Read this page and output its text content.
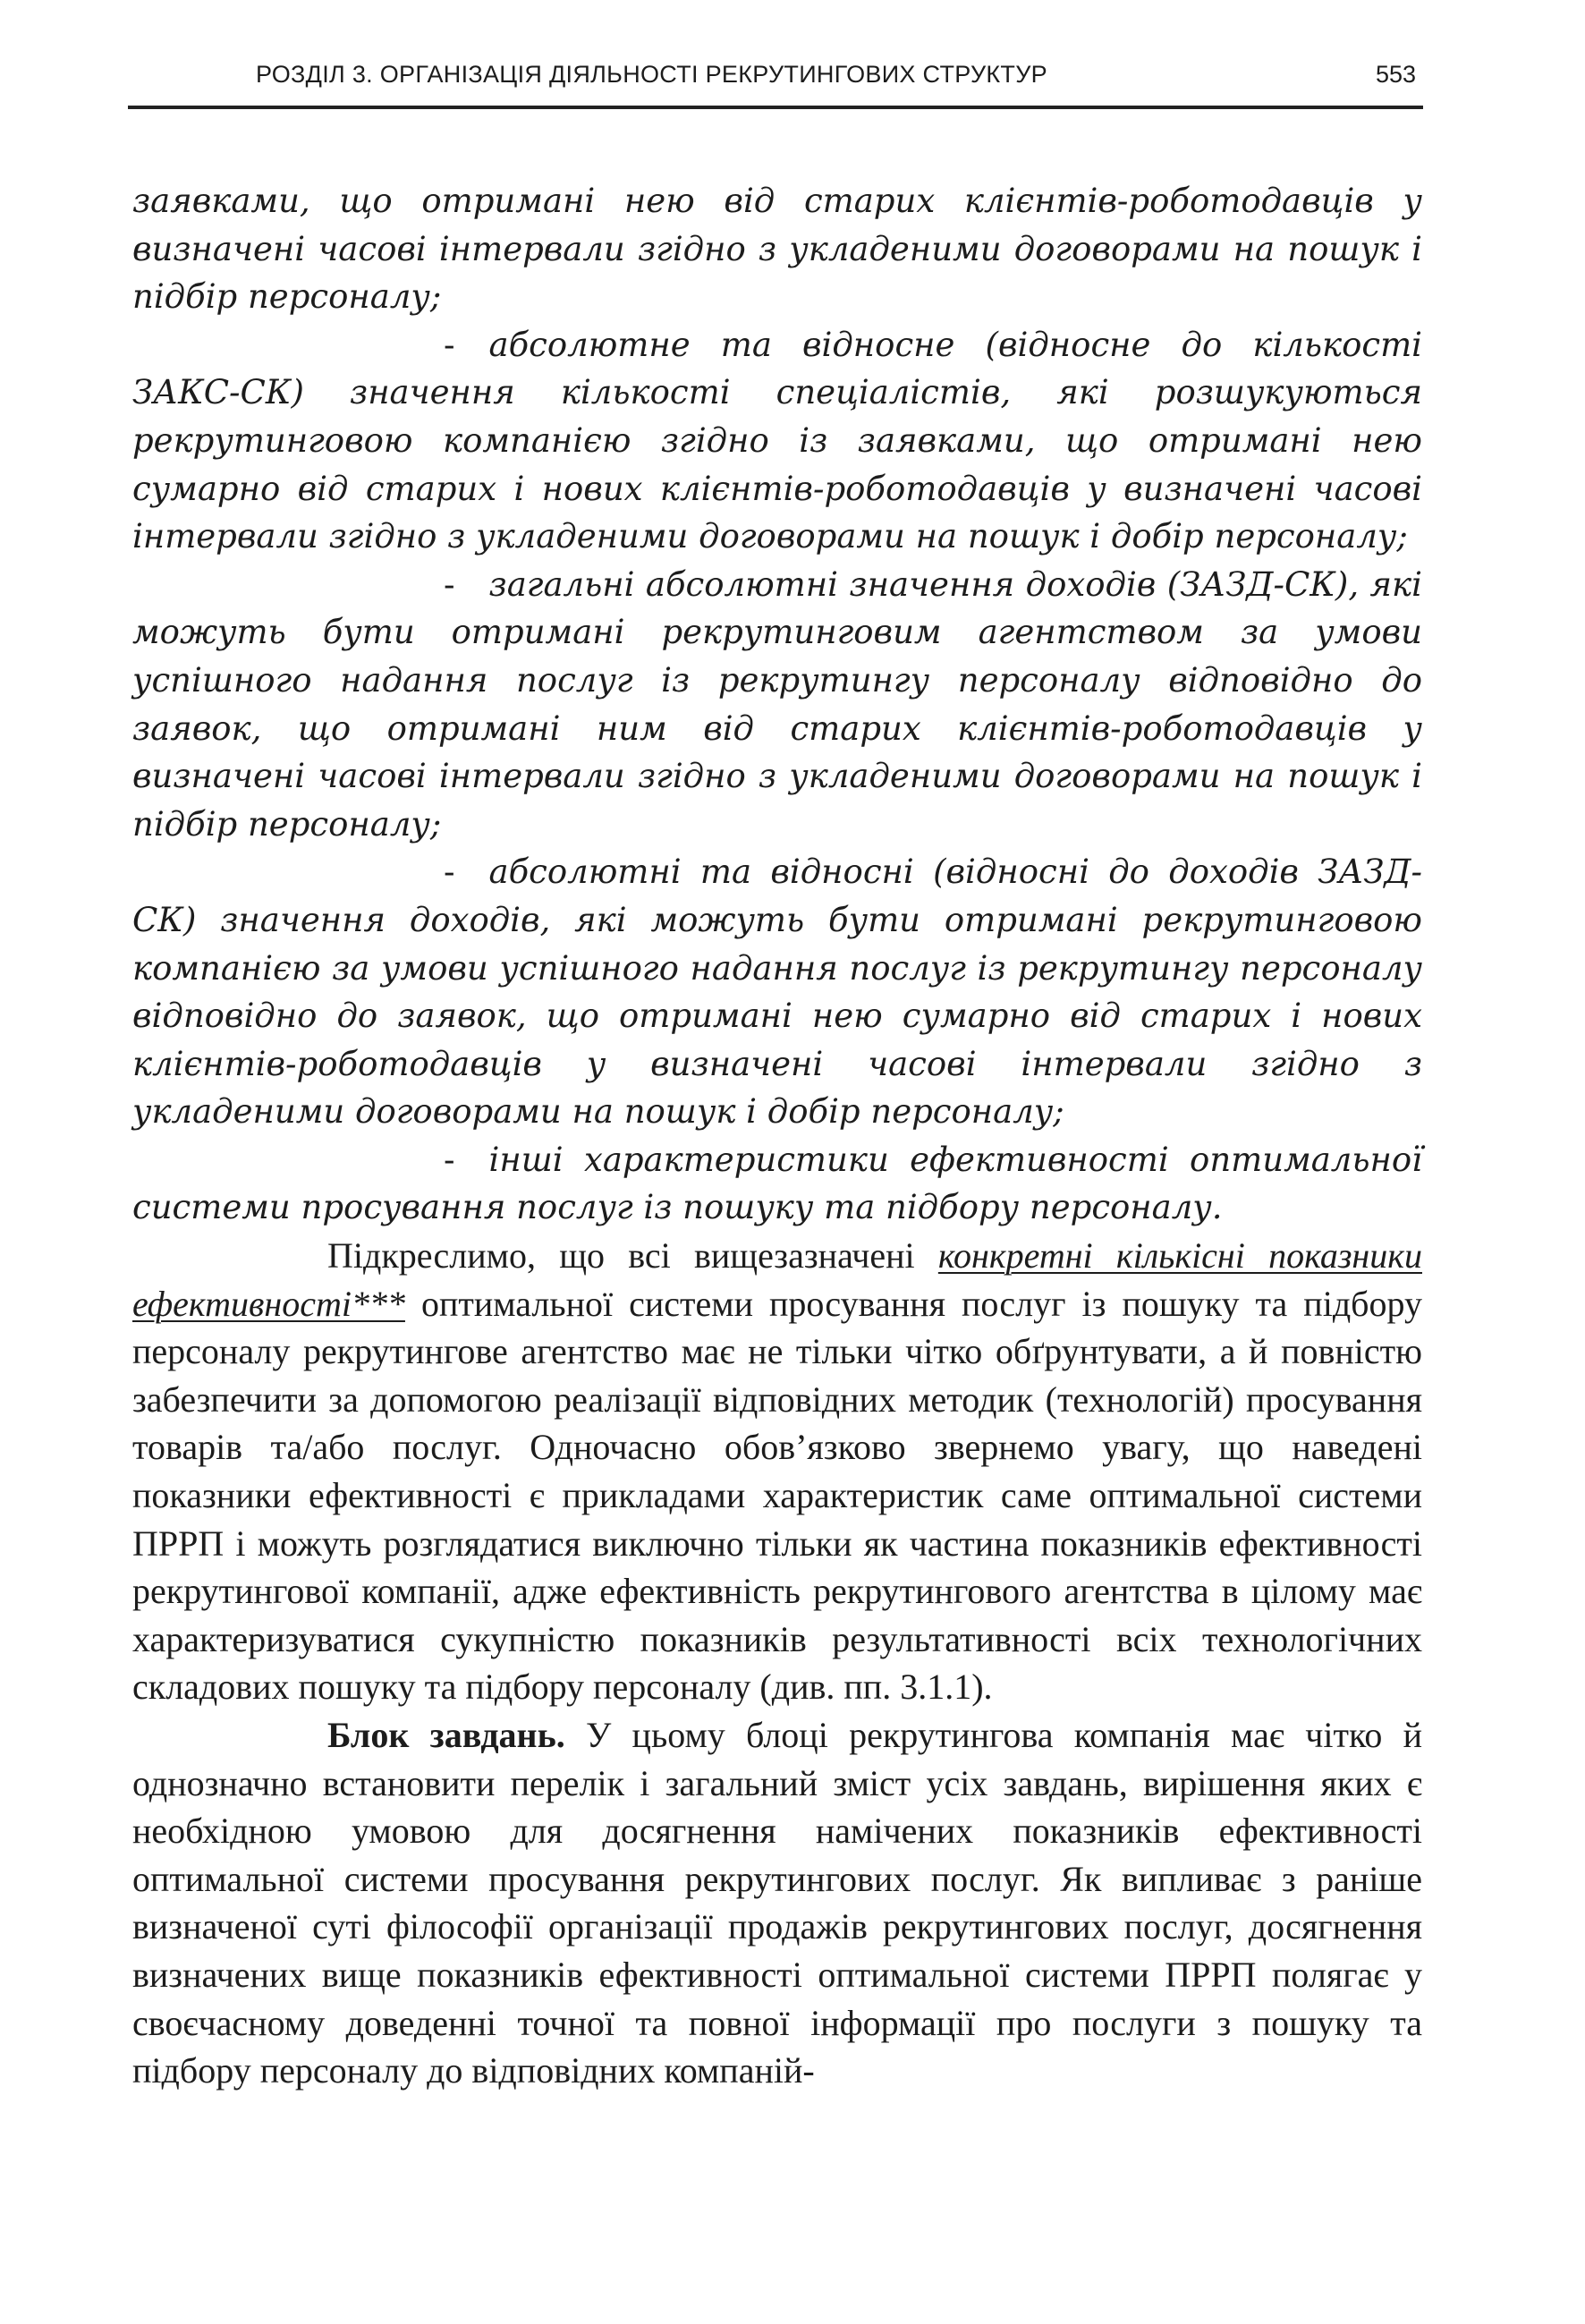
РОЗДІЛ 3. ОРГАНІЗАЦІЯ ДІЯЛЬНОСТІ РЕКРУТИНГОВИХ СТРУКТУР	553

заявками, що отримані нею від старих клієнтів-роботодавців у визначені часові інтервали згідно з укладеними договорами на пошук і підбір персоналу;

- абсолютне та відносне (відносне до кількості ЗАКС-СК) значення кількості спеціалістів, які розшукуються рекрутинговою компанією згідно із заявками, що отримані нею сумарно від старих і нових клієнтів-роботодавців у визначені часові інтервали згідно з укладеними договорами на пошук і добір персоналу;

- загальні абсолютні значення доходів (ЗАЗД-СК), які можуть бути отримані рекрутинговим агентством за умови успішного надання послуг із рекрутингу персоналу відповідно до заявок, що отримані ним від старих клієнтів-роботодавців у визначені часові інтервали згідно з укладеними договорами на пошук і підбір персоналу;

- абсолютні та відносні (відносні до доходів ЗАЗД-СК) значення доходів, які можуть бути отримані рекрутинговою компанією за умови успішного надання послуг із рекрутингу персоналу відповідно до заявок, що отримані нею сумарно від старих і нових клієнтів-роботодавців у визначені часові інтервали згідно з укладеними договорами на пошук і добір персоналу;

- інші характеристики ефективності оптимальної системи просування послуг із пошуку та підбору персоналу.

Підкреслимо, що всі вищезазначені конкретні кількісні показники ефективності*** оптимальної системи просування послуг із пошуку та підбору персоналу рекрутингове агентство має не тільки чітко обґрунтувати, а й повністю забезпечити за допомогою реалізації відповідних методик (технологій) просування товарів та/або послуг. Одночасно обов’язково звернемо увагу, що наведені показники ефективності є прикладами характеристик саме оптимальної системи ПРРП і можуть розглядатися виключно тільки як частина показників ефективності рекрутингової компанії, адже ефективність рекрутингового агентства в цілому має характеризуватися сукупністю показників результативності всіх технологічних складових пошуку та підбору персоналу (див. пп. 3.1.1).

Блок завдань. У цьому блоці рекрутингова компанія має чітко й однозначно встановити перелік і загальний зміст усіх завдань, вирішення яких є необхідною умовою для досягнення намічених показників ефективності оптимальної системи просування рекрутингових послуг. Як випливає з раніше визначеної суті філософії організації продажів рекрутингових послуг, досягнення визначених вище показників ефективності оптимальної системи ПРРП полягає у своєчасному доведенні точної та повної інформації про послуги з пошуку та підбору персоналу до відповідних компаній-
